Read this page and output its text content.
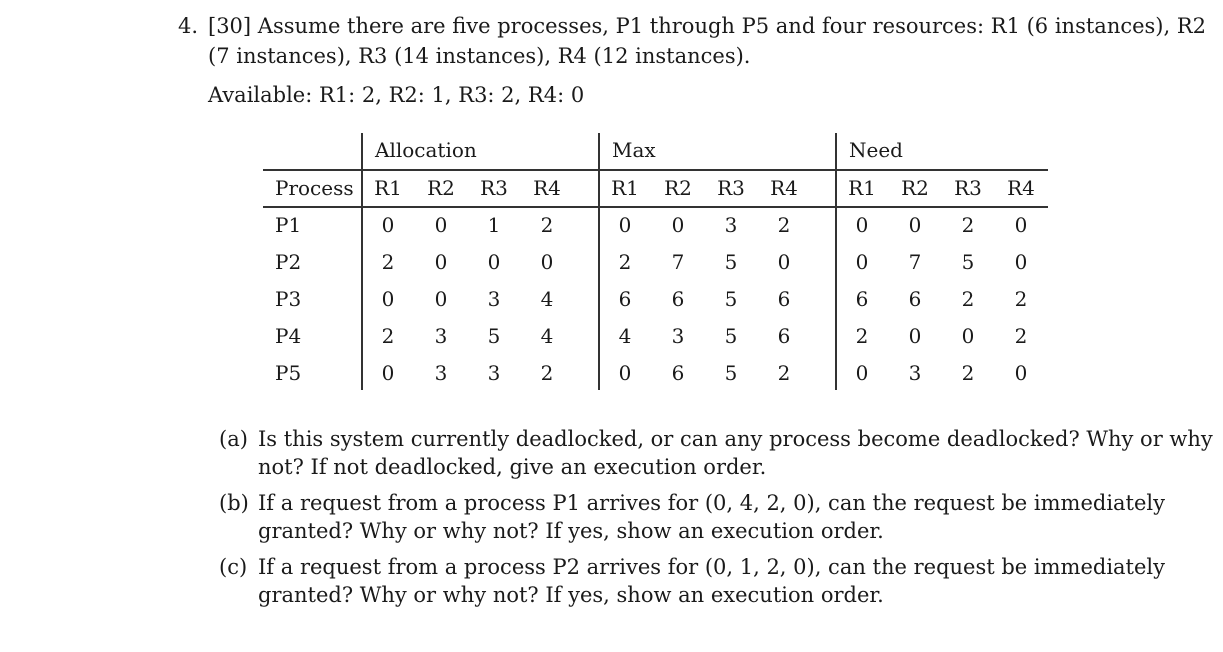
4. [30] Assume there are five processes, P1 through P5 and four resources: R1 (6 instances), R2
(7 instances), R3 (14 instances), R4 (12 instances).
Available: R1: 2, R2: 1, R3: 2, R4: 0
Allocation	Max	Need
Process R1 R2 R3 R4	R1 R2 R3 R4	R1 R2 R3 R4
P1	0 0 1 2	0 0 3 2	0 0 2 0
P2	2 0 0 0	2 7 5 0	0 7 5 0
P3	0 0 3 4	6 6 5 6	6 6 2 2
P4	2 3 5 4	4 3 5 6	2 0 0 2
P5	0 3 3 2	0 6 5 2	0 3 2 0
(a) Is this system currently deadlocked, or can any process become deadlocked? Why or why
not? If not deadlocked, give an execution order.
(b) If a request from a process P1 arrives for (0, 4, 2, 0), can the request be immediately
granted? Why or why not? If yes, show an execution order.
(c) If a request from a process P2 arrives for (0, 1, 2, 0), can the request be immediately
granted? Why or why not? If yes, show an execution order.
